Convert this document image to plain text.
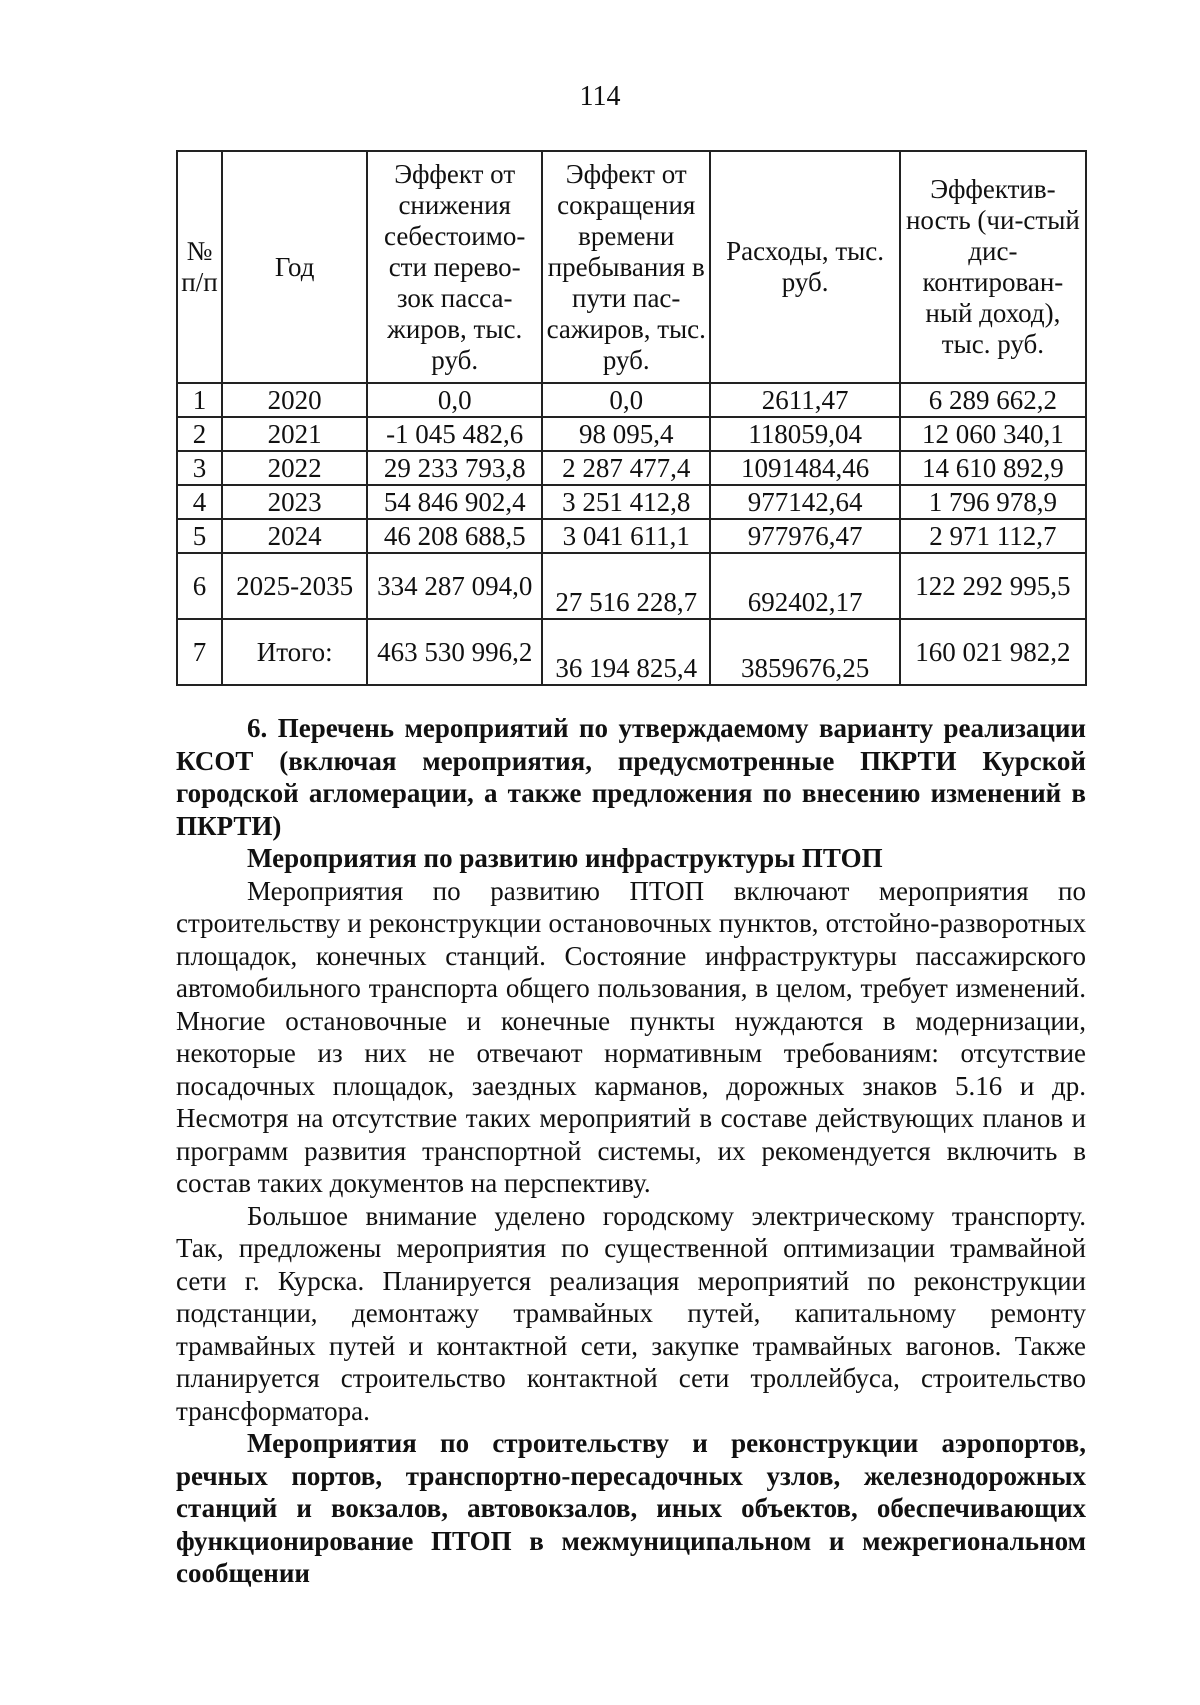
114
№ п/п	Год	Эффект от снижения себестоимо-сти перево-зок пасса-жиров, тыс. руб.	Эффект от сокращения времени пребывания в пути пас-сажиров, тыс. руб.	Расходы, тыс. руб.	Эффектив-ность (чи-стый дис-контирован-ный доход), тыс. руб.
1	2020	0,0	0,0	2611,47	6 289 662,2
2	2021	-1 045 482,6	98 095,4	118059,04	12 060 340,1
3	2022	29 233 793,8	2 287 477,4	1091484,46	14 610 892,9
4	2023	54 846 902,4	3 251 412,8	977142,64	1 796 978,9
5	2024	46 208 688,5	3 041 611,1	977976,47	2 971 112,7
6	2025-2035	334 287 094,0	27 516 228,7	692402,17	122 292 995,5
7	Итого:	463 530 996,2	36 194 825,4	3859676,25	160 021 982,2

6. Перечень мероприятий по утверждаемому варианту реализации КСОТ (включая мероприятия, предусмотренные ПКРТИ Курской городской агломерации, а также предложения по внесению изменений в ПКРТИ)

Мероприятия по развитию инфраструктуры ПТОП

Мероприятия по развитию ПТОП включают мероприятия по строительству и реконструкции остановочных пунктов, отстойно-разворотных площадок, конечных станций. Состояние инфраструктуры пассажирского автомобильного транспорта общего пользования, в целом, требует изменений. Многие остановочные и конечные пункты нуждаются в модернизации, некоторые из них не отвечают нормативным требованиям: отсутствие посадочных площадок, заездных карманов, дорожных знаков 5.16 и др. Несмотря на отсутствие таких мероприятий в составе действующих планов и программ развития транспортной системы, их рекомендуется включить в состав таких документов на перспективу.

Большое внимание уделено городскому электрическому транспорту. Так, предложены мероприятия по существенной оптимизации трамвайной сети г. Курска. Планируется реализация мероприятий по реконструкции подстанции, демонтажу трамвайных путей, капитальному ремонту трамвайных путей и контактной сети, закупке трамвайных вагонов. Также планируется строительство контактной сети троллейбуса, строительство трансформатора.

Мероприятия по строительству и реконструкции аэропортов, речных портов, транспортно-пересадочных узлов, железнодорожных станций и вокзалов, автовокзалов, иных объектов, обеспечивающих функционирование ПТОП в межмуниципальном и межрегиональном сообщении
